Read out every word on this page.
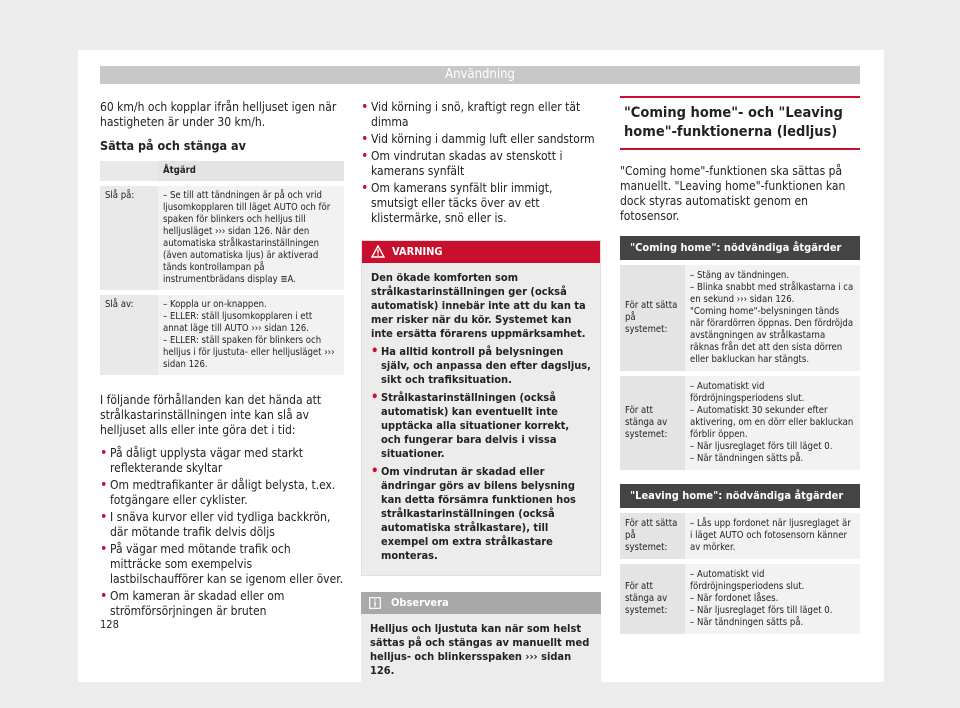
Användning

60 km/h och kopplar ifrån helljuset igen när hastigheten är under 30 km/h.

Sätta på och stänga av

	Åtgärd
Slå på:	– Se till att tändningen är på och vrid ljusomkopplaren till läget AUTO och för spaken för blinkers och helljus till helljusläget ››› sidan 126. När den automatiska strålkastarinställningen (även automatiska ljus) är aktiverad tänds kontrollampan på instrumentbrädans display ≣A.
Slå av:	– Koppla ur on-knappen.
– ELLER: ställ ljusomkopplaren i ett annat läge till AUTO ››› sidan 126.
– ELLER: ställ spaken för blinkers och helljus i för ljustuta- eller helljusläget ››› sidan 126.

I följande förhållanden kan det hända att strålkastarinställningen inte kan slå av helljuset alls eller inte göra det i tid:

• På dåligt upplysta vägar med starkt reflekterande skyltar

• Om medtrafikanter är dåligt belysta, t.ex. fotgängare eller cyklister.

• I snäva kurvor eller vid tydliga backkrön, där mötande trafik delvis döljs

• På vägar med mötande trafik och mitträcke som exempelvis lastbilschaufförer kan se igenom eller över.

• Om kameran är skadad eller om strömförsörjningen är bruten

• Vid körning i snö, kraftigt regn eller tät dimma

• Vid körning i dammig luft eller sandstorm

• Om vindrutan skadas av stenskott i kamerans synfält

• Om kamerans synfält blir immigt, smutsigt eller täcks över av ett klistermärke, snö eller is.

VARNING

Den ökade komforten som strålkastarinställningen ger (också automatisk) innebär inte att du kan ta mer risker när du kör. Systemet kan inte ersätta förarens uppmärksamhet.

• Ha alltid kontroll på belysningen själv, och anpassa den efter dagsljus, sikt och trafiksituation.

• Strålkastarinställningen (också automatisk) kan eventuellt inte upptäcka alla situationer korrekt, och fungerar bara delvis i vissa situationer.

• Om vindrutan är skadad eller ändringar görs av bilens belysning kan detta försämra funktionen hos strålkastarinställningen (också automatiska strålkastare), till exempel om extra strålkastare monteras.

Observera
Helljus och ljustuta kan när som helst sättas på och stängas av manuellt med helljus- och blinkersspaken ››› sidan 126.
"Coming home"- och "Leaving home"-funktionerna (ledljus)

"Coming home"-funktionen ska sättas på manuellt. "Leaving home"-funktionen kan dock styras automatiskt genom en fotosensor.

"Coming home": nödvändiga åtgärder
För att sätta på systemet:	– Stäng av tändningen.
– Blinka snabbt med strålkastarna i ca en sekund ››› sidan 126.
"Coming home"-belysningen tänds när förardörren öppnas. Den fördröjda avstängningen av strålkastarna räknas från det att den sista dörren eller bakluckan har stängts.
För att stänga av systemet:	– Automatiskt vid fördröjningsperiodens slut.
– Automatiskt 30 sekunder efter aktivering, om en dörr eller bakluckan förblir öppen.
– När ljusreglaget förs till läget 0.
– När tändningen sätts på.
"Leaving home": nödvändiga åtgärder
För att sätta på systemet:	– Lås upp fordonet när ljusreglaget är i läget AUTO och fotosensorn känner av mörker.
För att stänga av systemet:	– Automatiskt vid fördröjningsperiodens slut.
– När fordonet låses.
– När ljusreglaget förs till läget 0.
– När tändningen sätts på.
128
